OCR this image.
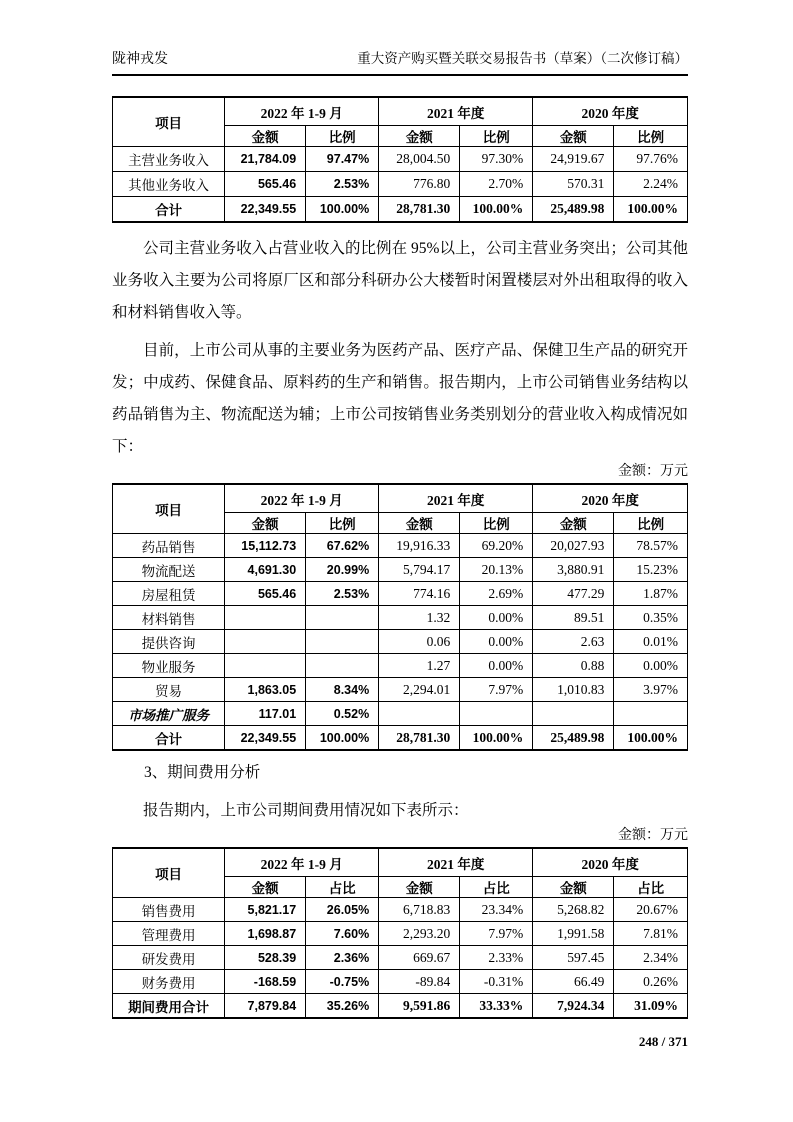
陇神戎发	重大资产购买暨关联交易报告书（草案）（二次修订稿）
项目	2022 年 1-9 月		2021 年度		2020 年度	
	金额	比例	金额	比例	金额	比例
主营业务收入	21,784.09	97.47%	28,004.50	97.30%	24,919.67	97.76%
其他业务收入	565.46	2.53%	776.80	2.70%	570.31	2.24%
合计	22,349.55	100.00%	28,781.30	100.00%	25,489.98	100.00%

公司主营业务收入占营业收入的比例在 95%以上，公司主营业务突出；公司其他业务收入主要为公司将原厂区和部分科研办公大楼暂时闲置楼层对外出租取得的收入和材料销售收入等。

目前，上市公司从事的主要业务为医药产品、医疗产品、保健卫生产品的研究开发；中成药、保健食品、原料药的生产和销售。报告期内，上市公司销售业务结构以药品销售为主、物流配送为辅；上市公司按销售业务类别划分的营业收入构成情况如下：

金额：万元
项目	2022 年 1-9 月		2021 年度		2020 年度	
	金额	比例	金额	比例	金额	比例
药品销售	15,112.73	67.62%	19,916.33	69.20%	20,027.93	78.57%
物流配送	4,691.30	20.99%	5,794.17	20.13%	3,880.91	15.23%
房屋租赁	565.46	2.53%	774.16	2.69%	477.29	1.87%
材料销售			1.32	0.00%	89.51	0.35%
提供咨询			0.06	0.00%	2.63	0.01%
物业服务			1.27	0.00%	0.88	0.00%
贸易	1,863.05	8.34%	2,294.01	7.97%	1,010.83	3.97%
市场推广服务	117.01	0.52%				
合计	22,349.55	100.00%	28,781.30	100.00%	25,489.98	100.00%
3、期间费用分析

报告期内，上市公司期间费用情况如下表所示：

金额：万元
项目	2022 年 1-9 月		2021 年度		2020 年度	
	金额	占比	金额	占比	金额	占比
销售费用	5,821.17	26.05%	6,718.83	23.34%	5,268.82	20.67%
管理费用	1,698.87	7.60%	2,293.20	7.97%	1,991.58	7.81%
研发费用	528.39	2.36%	669.67	2.33%	597.45	2.34%
财务费用	-168.59	-0.75%	-89.84	-0.31%	66.49	0.26%
期间费用合计	7,879.84	35.26%	9,591.86	33.33%	7,924.34	31.09%
248 / 371
